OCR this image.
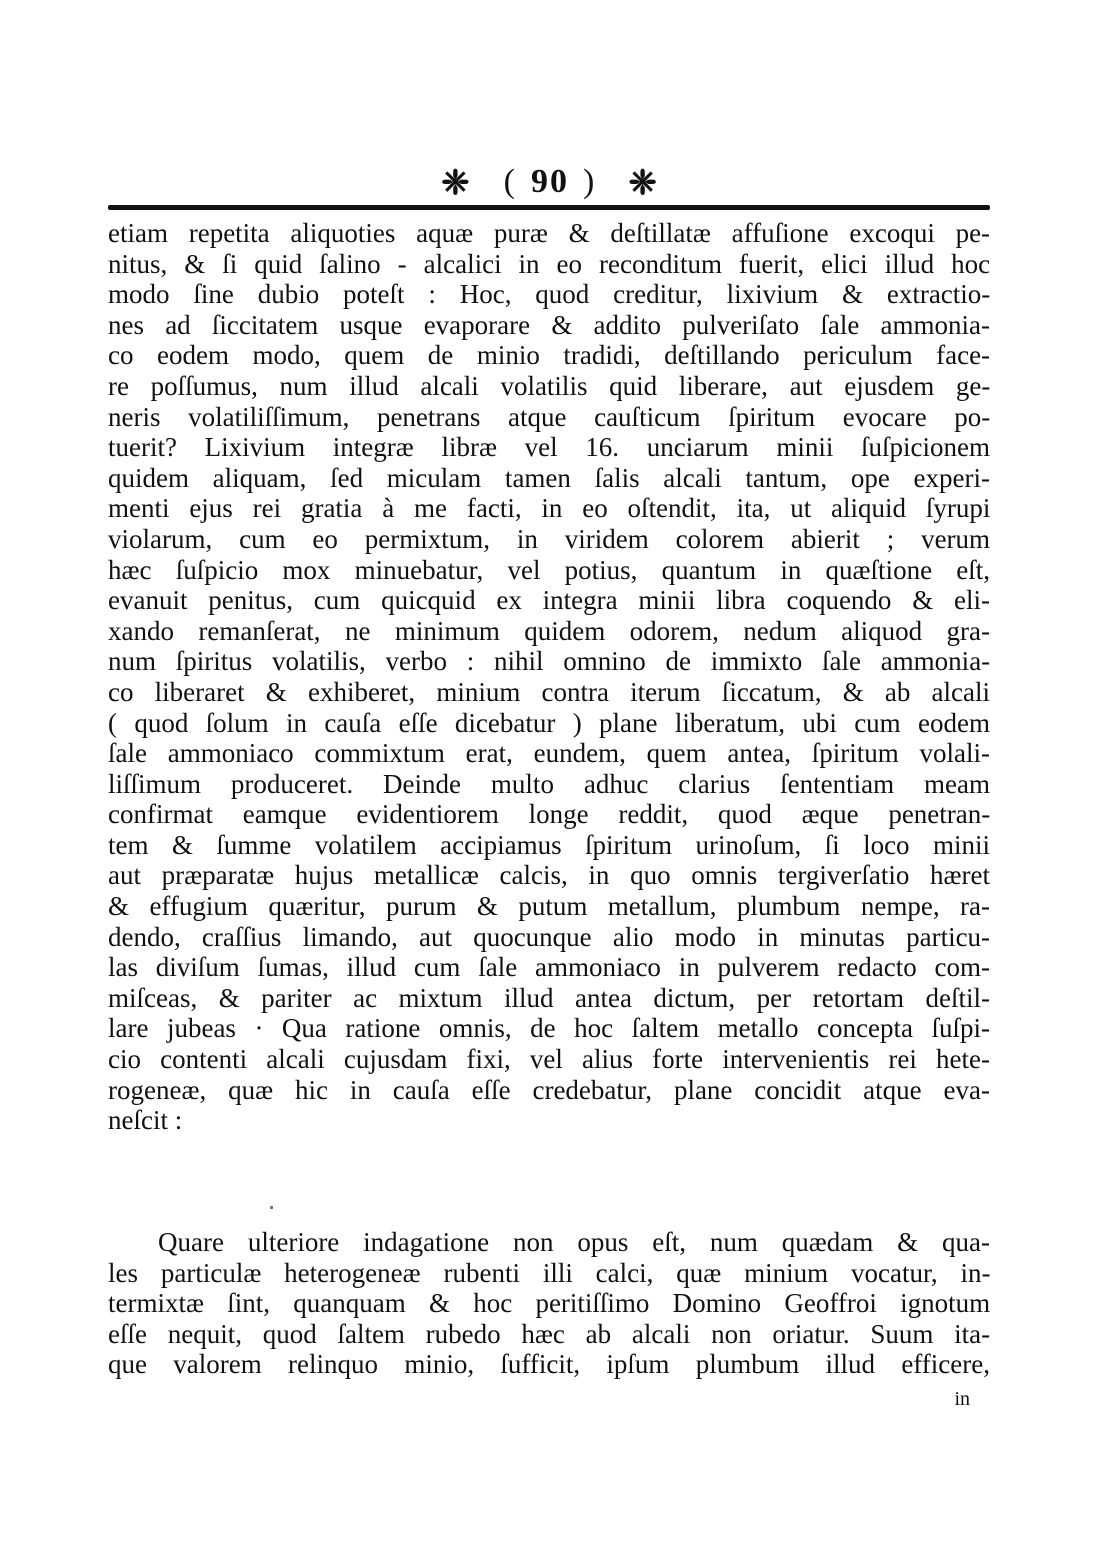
❈ ( 90 ) ❈
etiam repetita aliquoties aquæ puræ & deſtillatæ affuſione excoqui pe-
nitus, & ſi quid ſalino - alcalici in eo reconditum fuerit, elici illud hoc
modo ſine dubio poteſt : Hoc, quod creditur, lixivium & extractio-
nes ad ſiccitatem usque evaporare & addito pulveriſato ſale ammonia-
co eodem modo, quem de minio tradidi, deſtillando periculum face-
re poſſumus, num illud alcali volatilis quid liberare, aut ejusdem ge-
neris volatiliſſimum, penetrans atque cauſticum ſpiritum evocare po-
tuerit? Lixivium integræ libræ vel 16. unciarum minii ſuſpicionem
quidem aliquam, ſed miculam tamen ſalis alcali tantum, ope experi-
menti ejus rei gratia à me facti, in eo oſtendit, ita, ut aliquid ſyrupi
violarum, cum eo permixtum, in viridem colorem abierit ; verum
hæc ſuſpicio mox minuebatur, vel potius, quantum in quæſtione eſt,
evanuit penitus, cum quicquid ex integra minii libra coquendo & eli-
xando remanſerat, ne minimum quidem odorem, nedum aliquod gra-
num ſpiritus volatilis, verbo : nihil omnino de immixto ſale ammonia-
co liberaret & exhiberet, minium contra iterum ſiccatum, & ab alcali
( quod ſolum in cauſa eſſe dicebatur ) plane liberatum, ubi cum eodem
ſale ammoniaco commixtum erat, eundem, quem antea, ſpiritum volali-
liſſimum produceret. Deinde multo adhuc clarius ſententiam meam
confirmat eamque evidentiorem longe reddit, quod æque penetran-
tem & ſumme volatilem accipiamus ſpiritum urinoſum, ſi loco minii
aut præparatæ hujus metallicæ calcis, in quo omnis tergiverſatio hæret
& effugium quæritur, purum & putum metallum, plumbum nempe, ra-
dendo, craſſius limando, aut quocunque alio modo in minutas particu-
las diviſum ſumas, illud cum ſale ammoniaco in pulverem redacto com-
miſceas, & pariter ac mixtum illud antea dictum, per retortam deſtil-
lare jubeas · Qua ratione omnis, de hoc ſaltem metallo concepta ſuſpi-
cio contenti alcali cujusdam fixi, vel alius forte intervenientis rei hete-
rogeneæ, quæ hic in cauſa eſſe credebatur, plane concidit atque eva-
neſcit :
Quare ulteriore indagatione non opus eſt, num quædam & qua-
les particulæ heterogeneæ rubenti illi calci, quæ minium vocatur, in-
termixtæ ſint, quanquam & hoc peritiſſimo Domino Geoffroi ignotum
eſſe nequit, quod ſaltem rubedo hæc ab alcali non oriatur. Suum ita-
que valorem relinquo minio, ſufficit, ipſum plumbum illud efficere,
in
